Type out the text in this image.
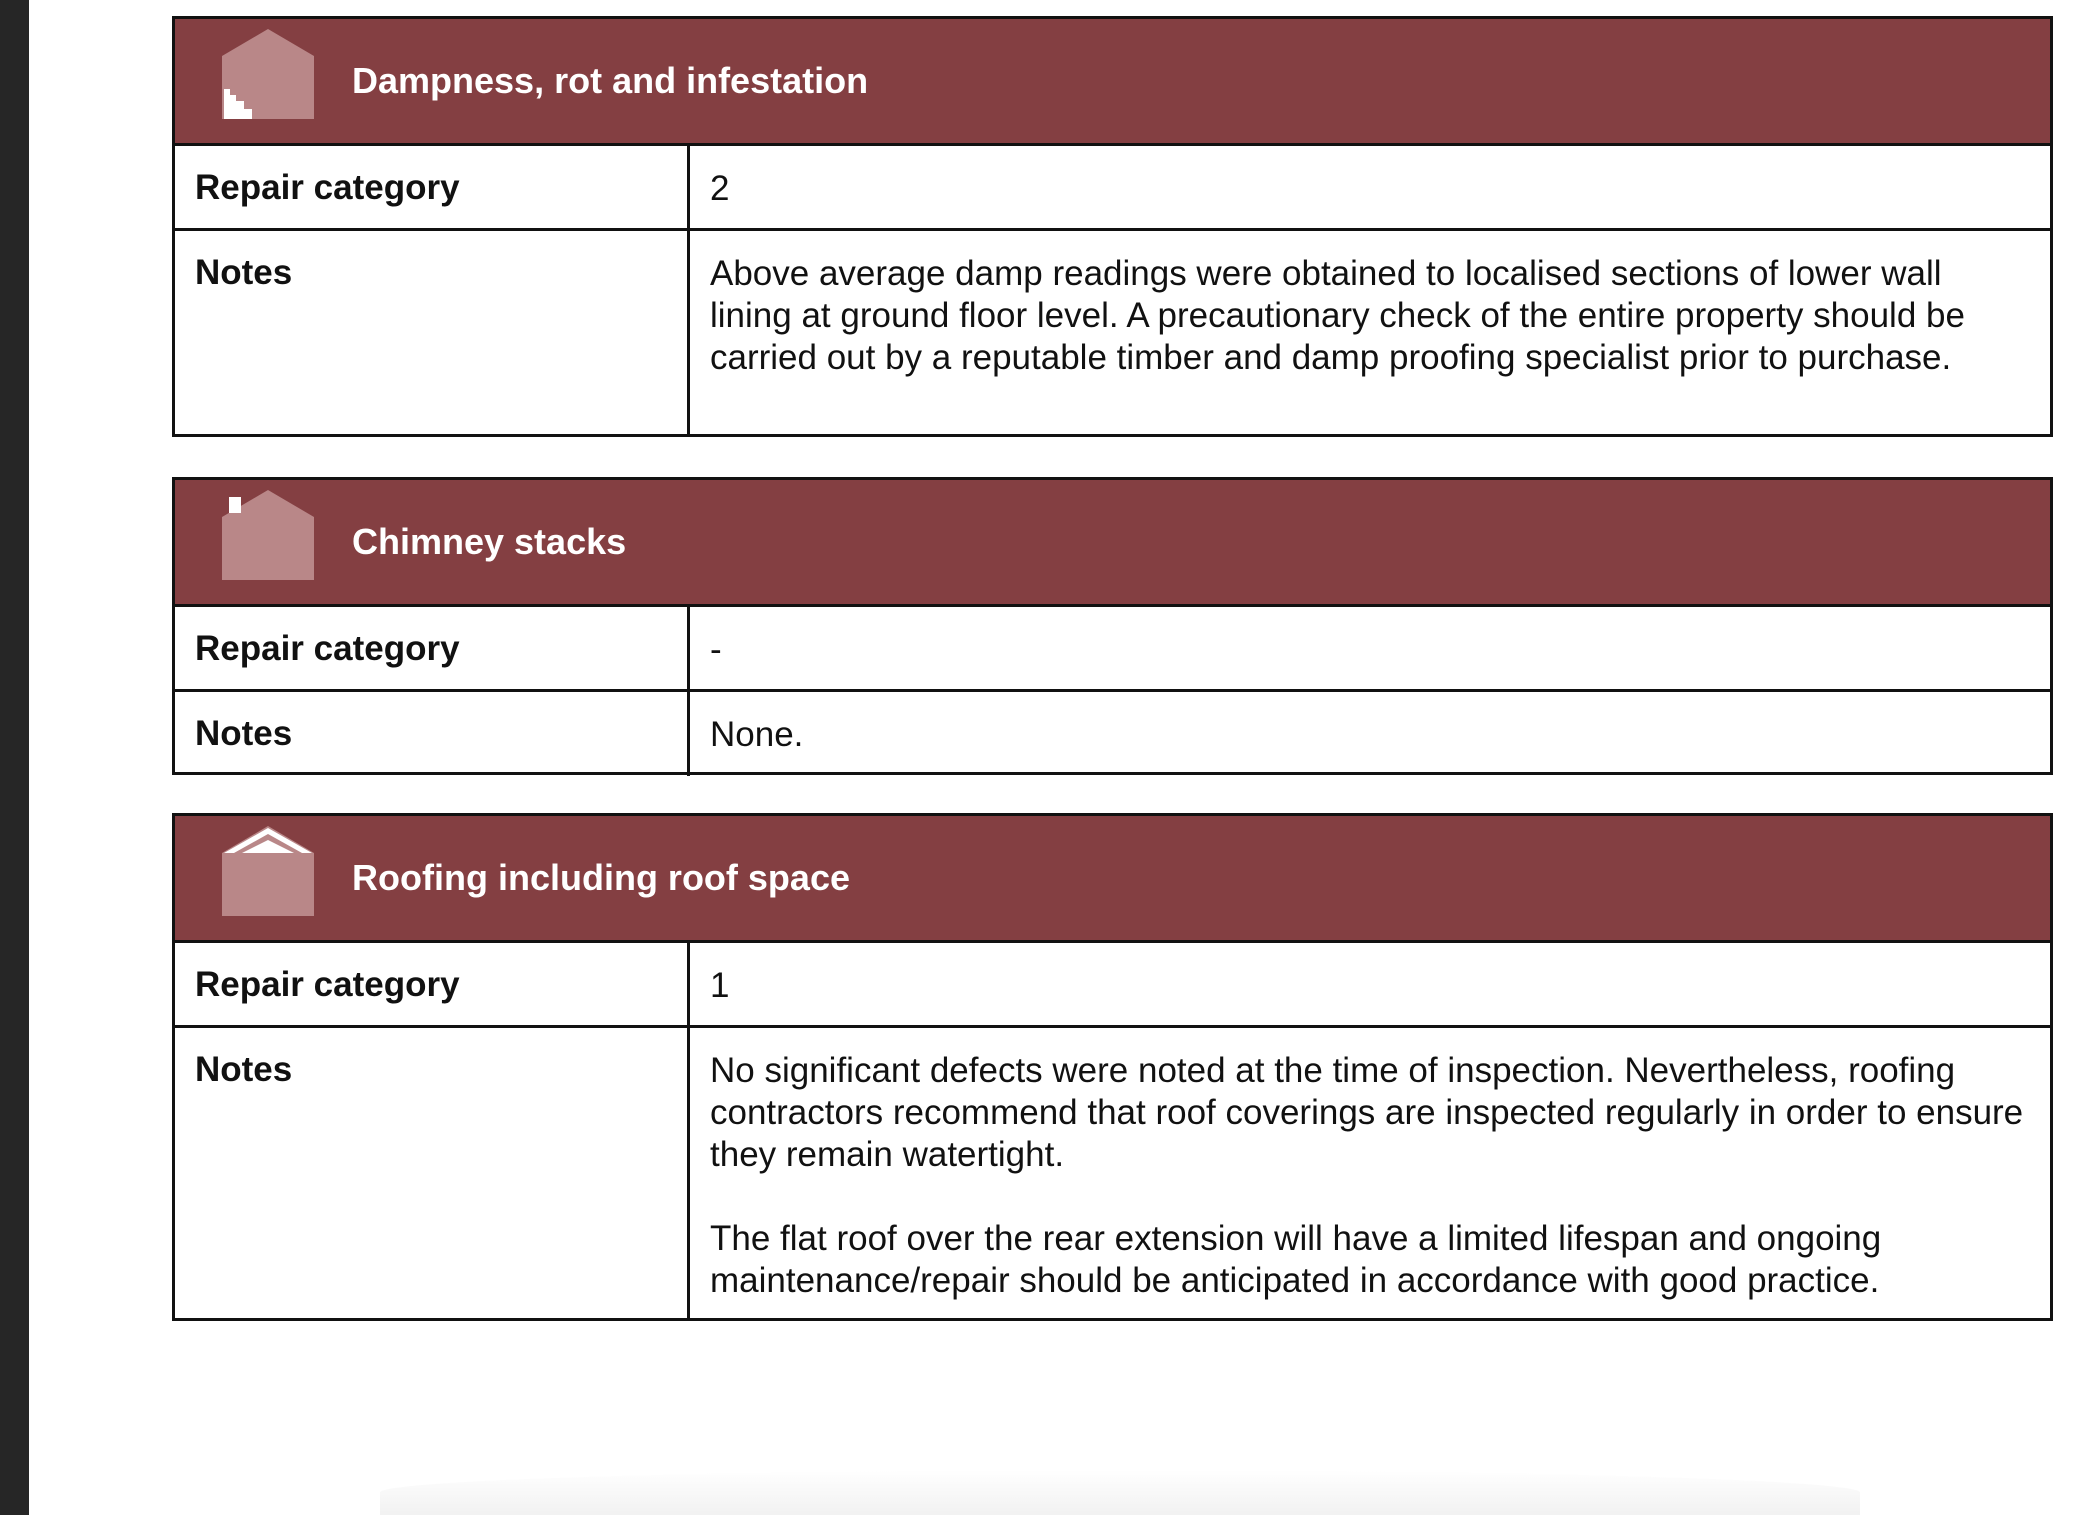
Dampness, rot and infestation
Repair category	2
Notes	Above average damp readings were obtained to localised sections of lower wall lining at ground floor level. A precautionary check of the entire property should be carried out by a reputable timber and damp proofing specialist prior to purchase.

Chimney stacks
Repair category	-
Notes	None.

Roofing including roof space
Repair category	1
Notes	No significant defects were noted at the time of inspection. Nevertheless, roofing contractors recommend that roof coverings are inspected regularly in order to ensure they remain watertight.

The flat roof over the rear extension will have a limited lifespan and ongoing maintenance/repair should be anticipated in accordance with good practice.
